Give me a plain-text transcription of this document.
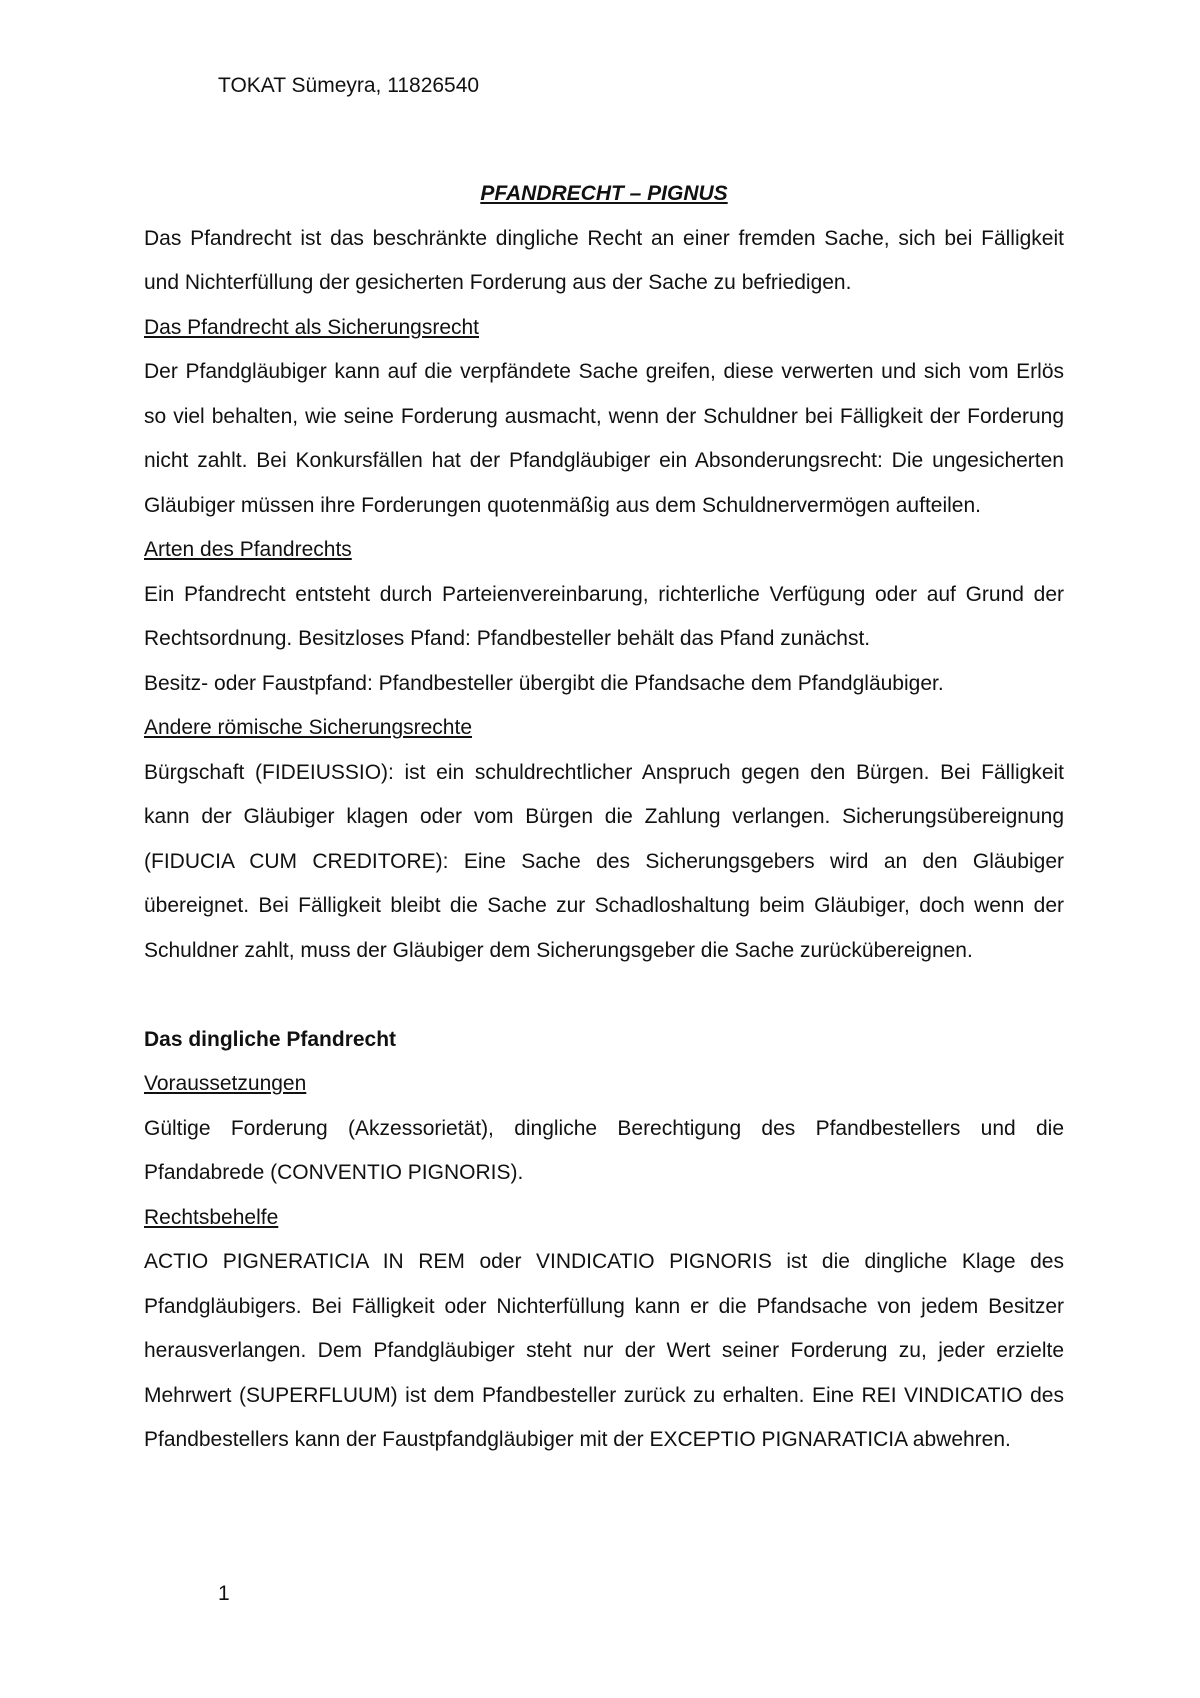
TOKAT Sümeyra, 11826540

PFANDRECHT – PIGNUS

Das Pfandrecht ist das beschränkte dingliche Recht an einer fremden Sache, sich bei Fälligkeit und Nichterfüllung der gesicherten Forderung aus der Sache zu befriedigen.

Das Pfandrecht als Sicherungsrecht

Der Pfandgläubiger kann auf die verpfändete Sache greifen, diese verwerten und sich vom Erlös so viel behalten, wie seine Forderung ausmacht, wenn der Schuldner bei Fälligkeit der Forderung nicht zahlt. Bei Konkursfällen hat der Pfandgläubiger ein Absonderungsrecht: Die ungesicherten Gläubiger müssen ihre Forderungen quotenmäßig aus dem Schuldnervermögen aufteilen.

Arten des Pfandrechts

Ein Pfandrecht entsteht durch Parteienvereinbarung, richterliche Verfügung oder auf Grund der Rechtsordnung. Besitzloses Pfand: Pfandbesteller behält das Pfand zunächst.

Besitz- oder Faustpfand: Pfandbesteller übergibt die Pfandsache dem Pfandgläubiger.

Andere römische Sicherungsrechte

Bürgschaft (FIDEIUSSIO): ist ein schuldrechtlicher Anspruch gegen den Bürgen. Bei Fälligkeit kann der Gläubiger klagen oder vom Bürgen die Zahlung verlangen. Sicherungsübereignung (FIDUCIA CUM CREDITORE): Eine Sache des Sicherungsgebers wird an den Gläubiger übereignet. Bei Fälligkeit bleibt die Sache zur Schadloshaltung beim Gläubiger, doch wenn der Schuldner zahlt, muss der Gläubiger dem Sicherungsgeber die Sache zurückübereignen.

Das dingliche Pfandrecht

Voraussetzungen

Gültige Forderung (Akzessorietät), dingliche Berechtigung des Pfandbestellers und die Pfandabrede (CONVENTIO PIGNORIS).

Rechtsbehelfe

ACTIO PIGNERATICIA IN REM oder VINDICATIO PIGNORIS ist die dingliche Klage des Pfandgläubigers. Bei Fälligkeit oder Nichterfüllung kann er die Pfandsache von jedem Besitzer herausverlangen. Dem Pfandgläubiger steht nur der Wert seiner Forderung zu, jeder erzielte Mehrwert (SUPERFLUUM) ist dem Pfandbesteller zurück zu erhalten. Eine REI VINDICATIO des Pfandbestellers kann der Faustpfandgläubiger mit der EXCEPTIO PIGNARATICIA abwehren.

1
